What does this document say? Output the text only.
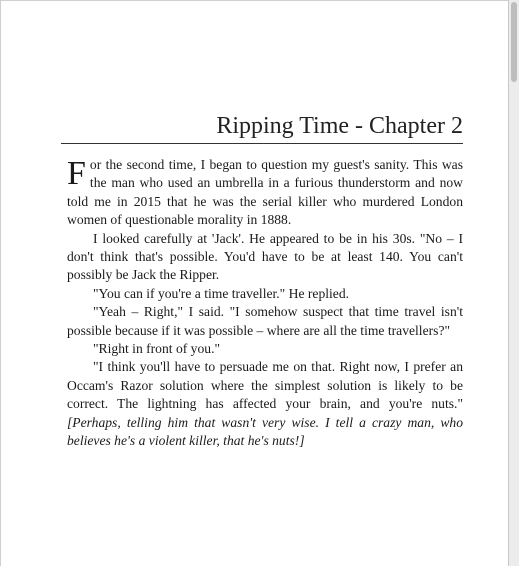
Ripping Time - Chapter 2

For the second time, I began to question my guest's sanity. This was the man who used an umbrella in a furious thunderstorm and now told me in 2015 that he was the serial killer who murdered London women of questionable morality in 1888.

I looked carefully at 'Jack'. He appeared to be in his 30s. "No – I don't think that's possible. You'd have to be at least 140. You can't possibly be Jack the Ripper.

"You can if you're a time traveller." He replied.

"Yeah – Right," I said. "I somehow suspect that time travel isn't possible because if it was possible – where are all the time travellers?"

"Right in front of you."

"I think you'll have to persuade me on that. Right now, I prefer an Occam's Razor solution where the simplest solution is likely to be correct. The lightning has affected your brain, and you're nuts." [Perhaps, telling him that wasn't very wise. I tell a crazy man, who believes he's a violent killer, that he's nuts!]
